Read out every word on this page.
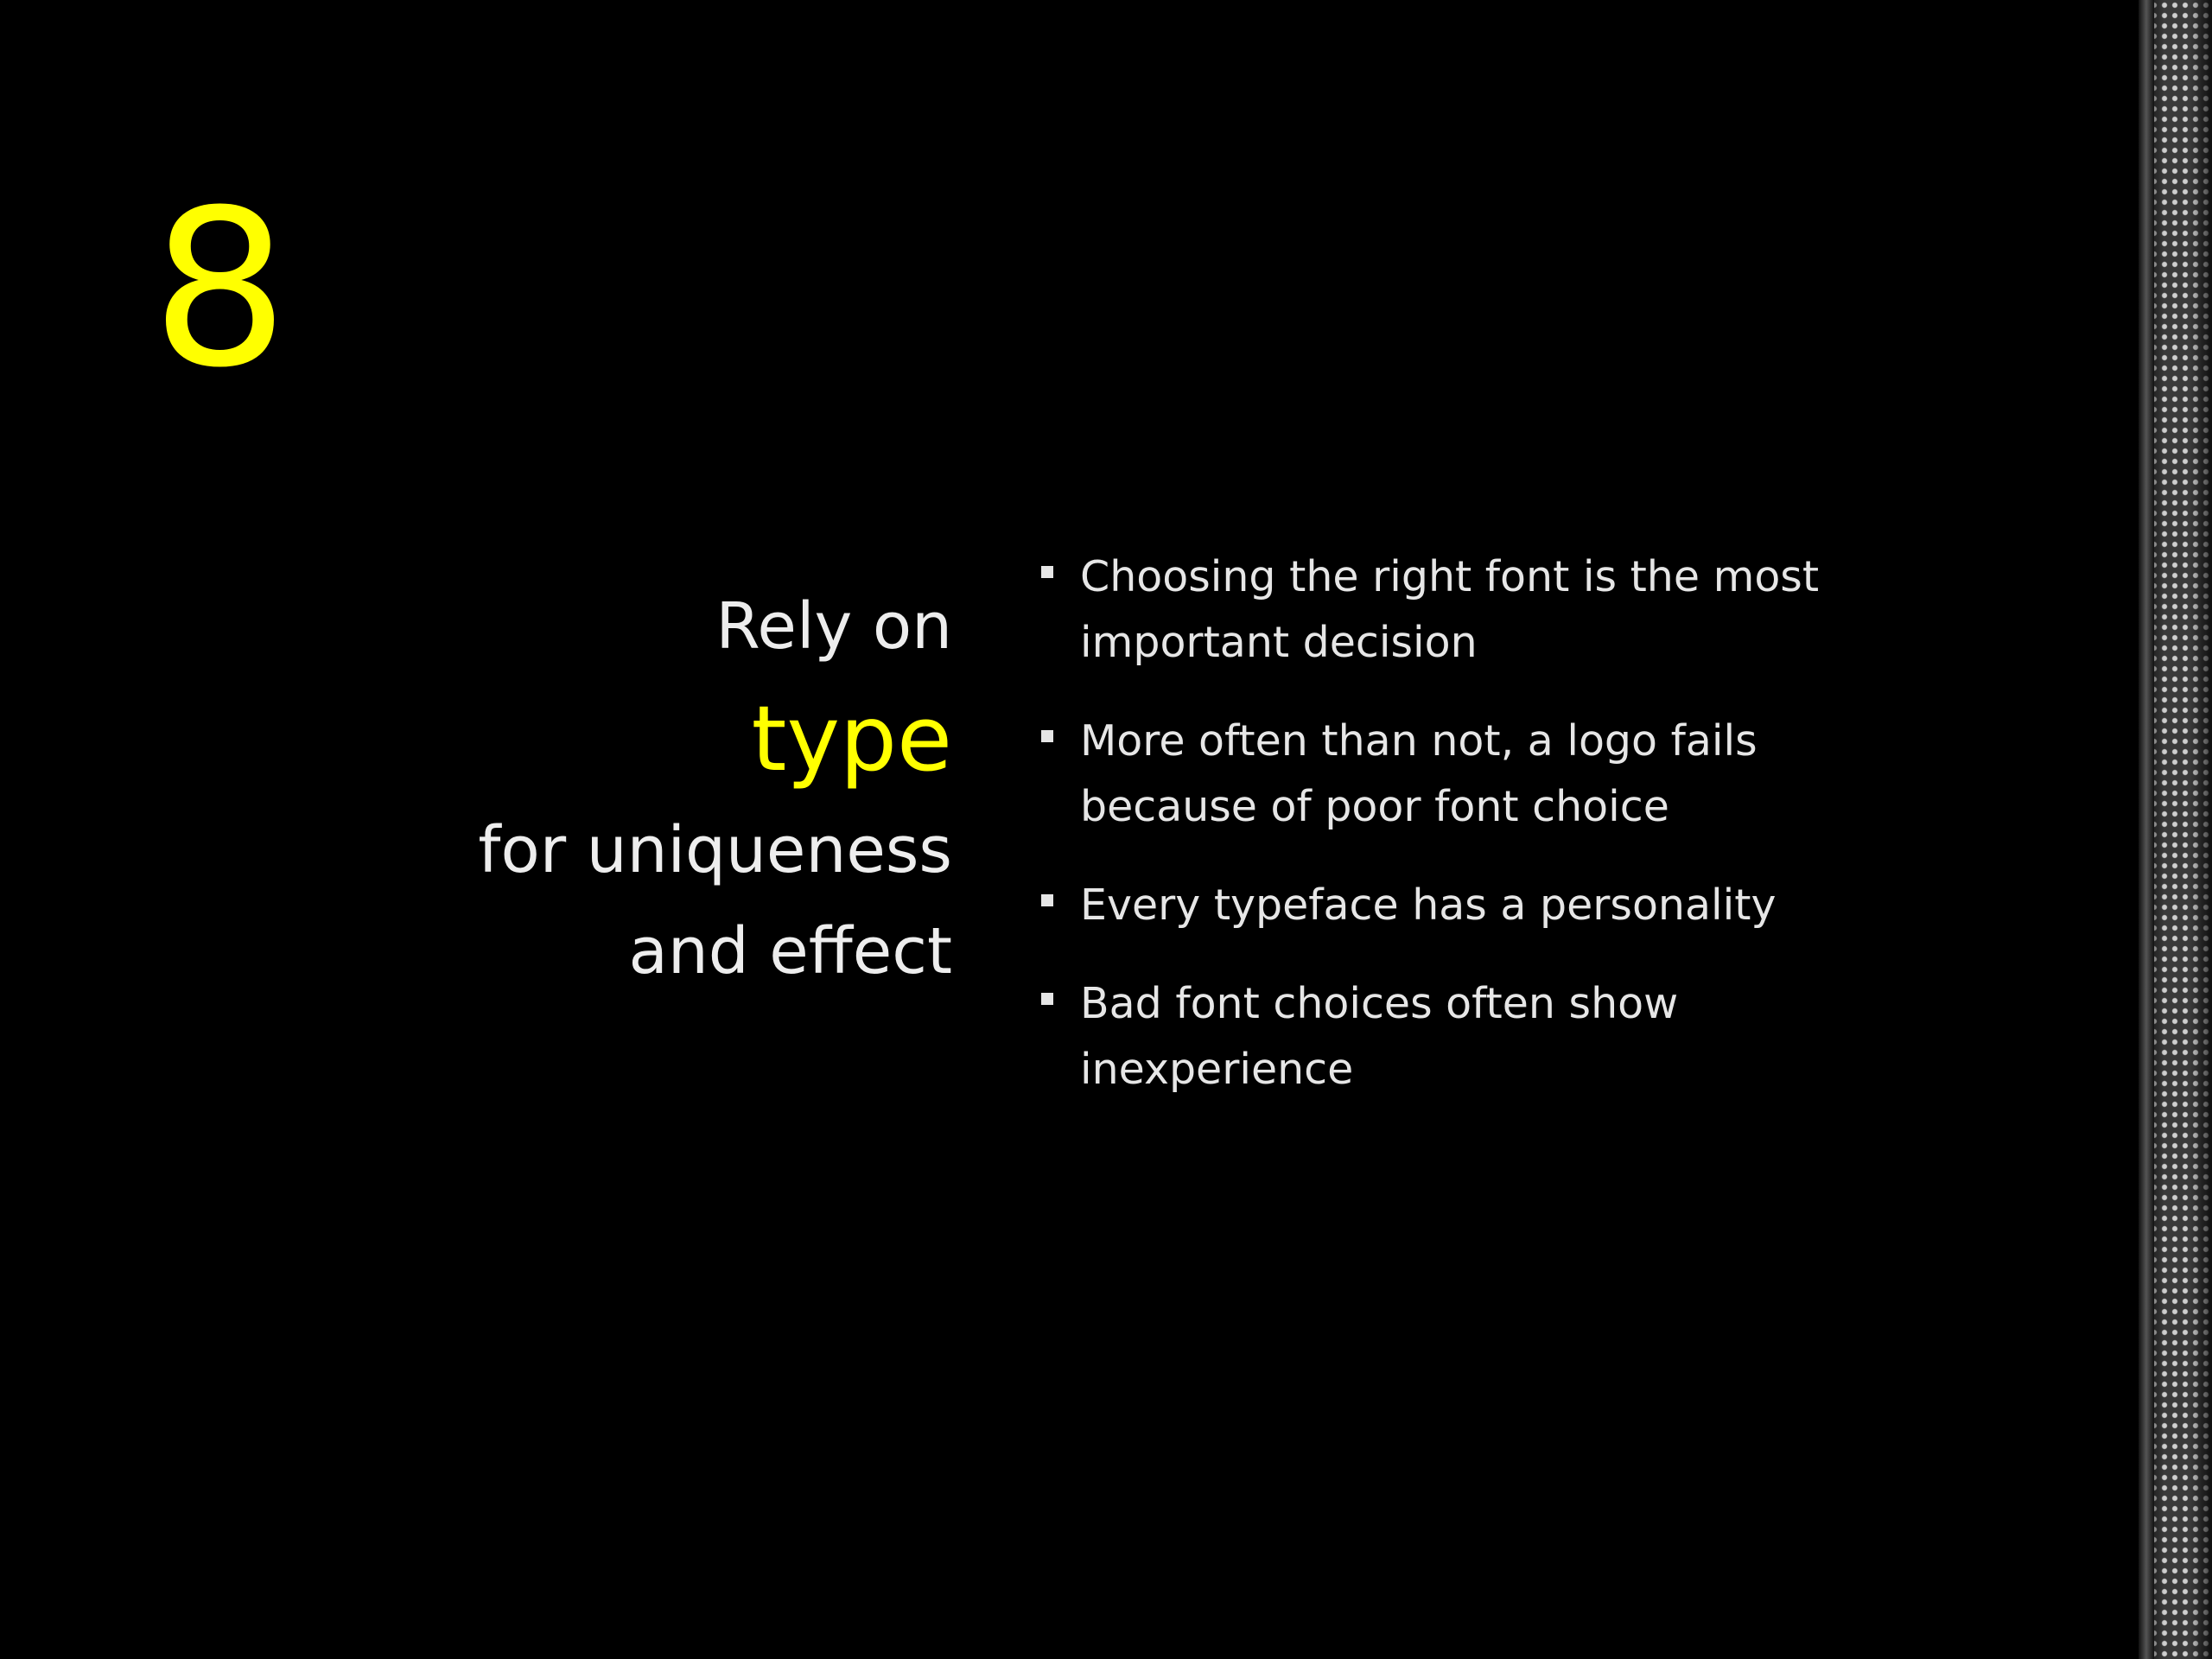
8
Rely on
type
for uniqueness
and effect
Choosing the right font is the most important decision
More often than not, a logo fails because of poor font choice
Every typeface has a personality
Bad font choices often show inexperience
